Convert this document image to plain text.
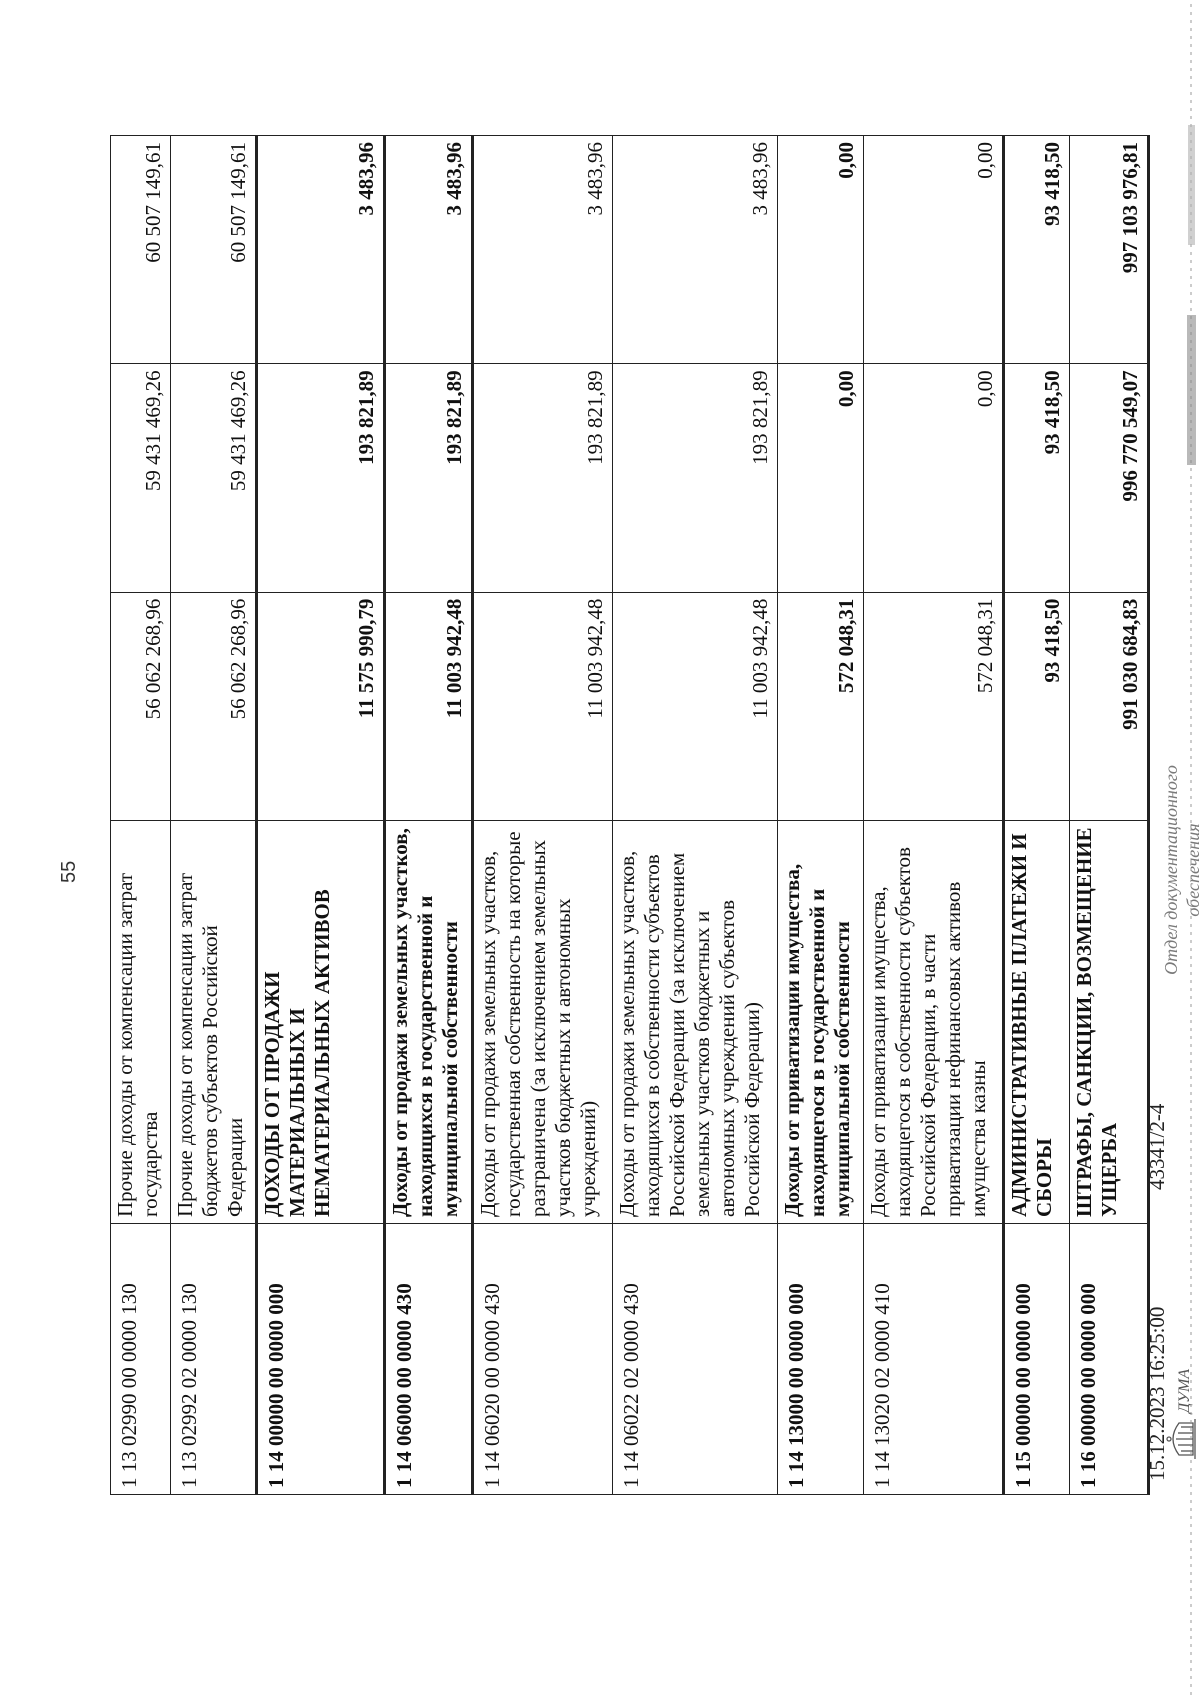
55
1 13 02990 00 0000 130	Прочие доходы от компенсации затрат государства	56 062 268,96	59 431 469,26	60 507 149,61
1 13 02992 02 0000 130	Прочие доходы от компенсации затрат бюджетов субъектов Российской Федерации	56 062 268,96	59 431 469,26	60 507 149,61
1 14 00000 00 0000 000	ДОХОДЫ ОТ ПРОДАЖИ МАТЕРИАЛЬНЫХ И НЕМАТЕРИАЛЬНЫХ АКТИВОВ	11 575 990,79	193 821,89	3 483,96
1 14 06000 00 0000 430	Доходы от продажи земельных участков, находящихся в государственной и муниципальной собственности	11 003 942,48	193 821,89	3 483,96
1 14 06020 00 0000 430	Доходы от продажи земельных участков, государственная собственность на которые разграничена (за исключением земельных участков бюджетных и автономных учреждений)	11 003 942,48	193 821,89	3 483,96
1 14 06022 02 0000 430	Доходы от продажи земельных участков, находящихся в собственности субъектов Российской Федерации (за исключением земельных участков бюджетных и автономных учреждений субъектов Российской Федерации)	11 003 942,48	193 821,89	3 483,96
1 14 13000 00 0000 000	Доходы от приватизации имущества, находящегося в государственной и муниципальной собственности	572 048,31	0,00	0,00
1 14 13020 02 0000 410	Доходы от приватизации имущества, находящегося в собственности субъектов Российской Федерации, в части приватизации нефинансовых активов имущества казны	572 048,31	0,00	0,00
1 15 00000 00 0000 000	АДМИНИСТРАТИВНЫЕ ПЛАТЕЖИ И СБОРЫ	93 418,50	93 418,50	93 418,50
1 16 00000 00 0000 000	ШТРАФЫ, САНКЦИИ, ВОЗМЕЩЕНИЕ УЩЕРБА	991 030 684,83	996 770 549,07	997 103 976,81
ДУМА
15.12.2023 16:25:00
43341/2-4
Отдел документационного обеспечения
